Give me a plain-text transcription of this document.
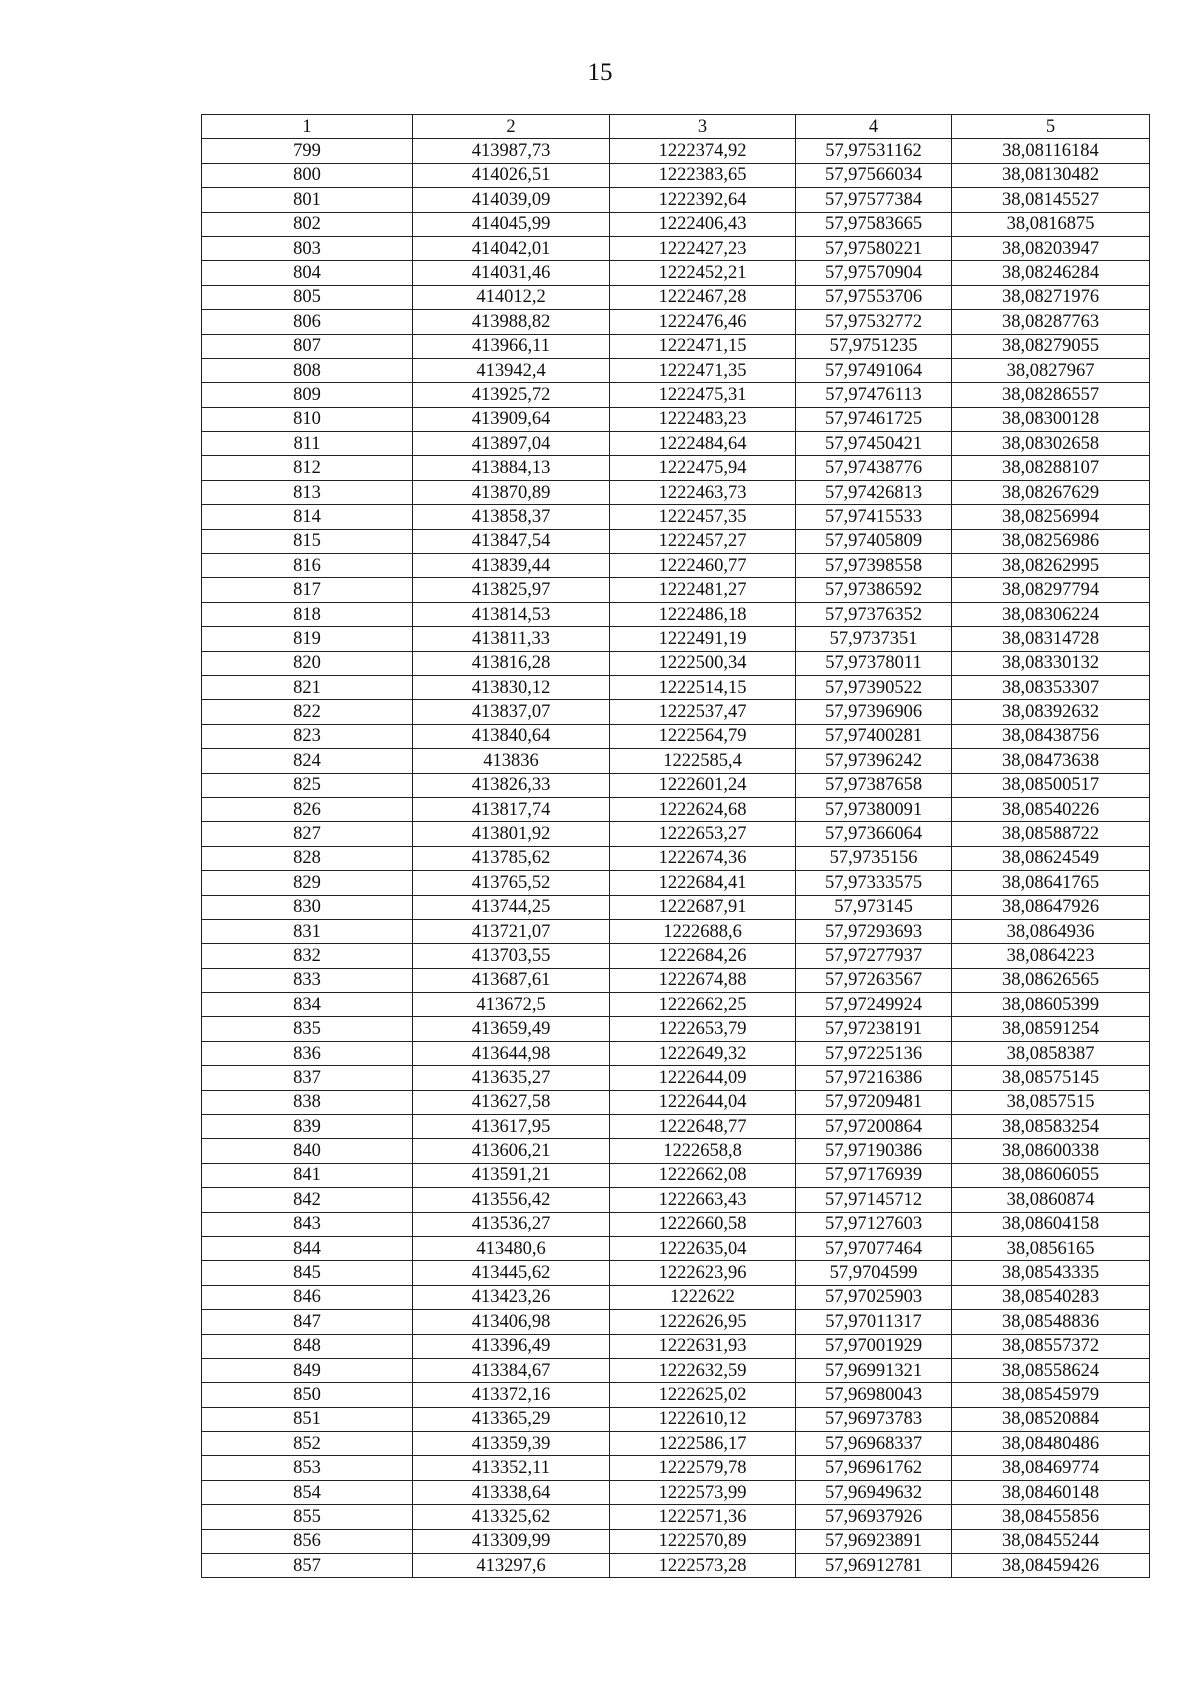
15
1	2	3	4	5
799	413987,73	1222374,92	57,97531162	38,08116184
800	414026,51	1222383,65	57,97566034	38,08130482
801	414039,09	1222392,64	57,97577384	38,08145527
802	414045,99	1222406,43	57,97583665	38,0816875
803	414042,01	1222427,23	57,97580221	38,08203947
804	414031,46	1222452,21	57,97570904	38,08246284
805	414012,2	1222467,28	57,97553706	38,08271976
806	413988,82	1222476,46	57,97532772	38,08287763
807	413966,11	1222471,15	57,9751235	38,08279055
808	413942,4	1222471,35	57,97491064	38,0827967
809	413925,72	1222475,31	57,97476113	38,08286557
810	413909,64	1222483,23	57,97461725	38,08300128
811	413897,04	1222484,64	57,97450421	38,08302658
812	413884,13	1222475,94	57,97438776	38,08288107
813	413870,89	1222463,73	57,97426813	38,08267629
814	413858,37	1222457,35	57,97415533	38,08256994
815	413847,54	1222457,27	57,97405809	38,08256986
816	413839,44	1222460,77	57,97398558	38,08262995
817	413825,97	1222481,27	57,97386592	38,08297794
818	413814,53	1222486,18	57,97376352	38,08306224
819	413811,33	1222491,19	57,9737351	38,08314728
820	413816,28	1222500,34	57,97378011	38,08330132
821	413830,12	1222514,15	57,97390522	38,08353307
822	413837,07	1222537,47	57,97396906	38,08392632
823	413840,64	1222564,79	57,97400281	38,08438756
824	413836	1222585,4	57,97396242	38,08473638
825	413826,33	1222601,24	57,97387658	38,08500517
826	413817,74	1222624,68	57,97380091	38,08540226
827	413801,92	1222653,27	57,97366064	38,08588722
828	413785,62	1222674,36	57,9735156	38,08624549
829	413765,52	1222684,41	57,97333575	38,08641765
830	413744,25	1222687,91	57,973145	38,08647926
831	413721,07	1222688,6	57,97293693	38,0864936
832	413703,55	1222684,26	57,97277937	38,0864223
833	413687,61	1222674,88	57,97263567	38,08626565
834	413672,5	1222662,25	57,97249924	38,08605399
835	413659,49	1222653,79	57,97238191	38,08591254
836	413644,98	1222649,32	57,97225136	38,0858387
837	413635,27	1222644,09	57,97216386	38,08575145
838	413627,58	1222644,04	57,97209481	38,0857515
839	413617,95	1222648,77	57,97200864	38,08583254
840	413606,21	1222658,8	57,97190386	38,08600338
841	413591,21	1222662,08	57,97176939	38,08606055
842	413556,42	1222663,43	57,97145712	38,0860874
843	413536,27	1222660,58	57,97127603	38,08604158
844	413480,6	1222635,04	57,97077464	38,0856165
845	413445,62	1222623,96	57,9704599	38,08543335
846	413423,26	1222622	57,97025903	38,08540283
847	413406,98	1222626,95	57,97011317	38,08548836
848	413396,49	1222631,93	57,97001929	38,08557372
849	413384,67	1222632,59	57,96991321	38,08558624
850	413372,16	1222625,02	57,96980043	38,08545979
851	413365,29	1222610,12	57,96973783	38,08520884
852	413359,39	1222586,17	57,96968337	38,08480486
853	413352,11	1222579,78	57,96961762	38,08469774
854	413338,64	1222573,99	57,96949632	38,08460148
855	413325,62	1222571,36	57,96937926	38,08455856
856	413309,99	1222570,89	57,96923891	38,08455244
857	413297,6	1222573,28	57,96912781	38,08459426
